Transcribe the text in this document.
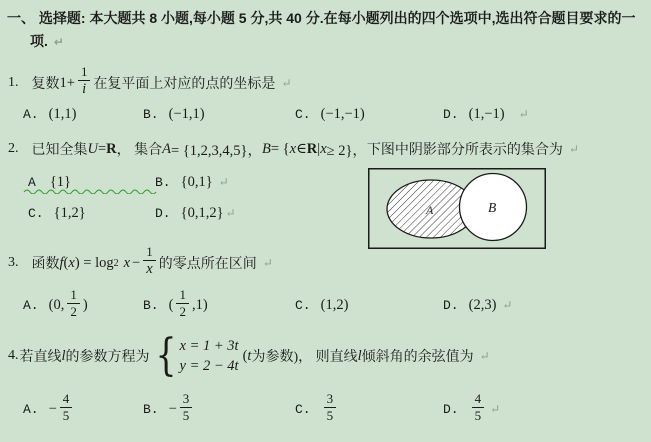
一、 选择题: 本大题共 8 小题,每小题 5 分,共 40 分.在每小题列出的四个选项中,选出符合题目要求的一
项. ↵
1. 复数 $1+ \frac{1}{i}$ 在复平面上对应的点的坐标是 ↵
A. (1,1)	B. (−1,1)	C. (−1,−1)	D. (1,−1) ↵
2. 已知全集 U = R ， 集合 A = {1,2,3,4,5}， B = { x ∈ R | x ≥ 2}， 下图中阴影部分所表示的集合为 ↵
A {1}	B. {0,1} ↵
C. {1,2}	D. {0,1,2} ↵	B
3. 函数 f ( x ) = log 2 $x - \frac{1}{x}$ 的零点所在区间 ↵
A. (0, $\frac{1}{2}$ )	B. ( $\frac{1}{2} ,1$)	C. (1,2)	D. (2,3) ↵
4. 若直线 l 的参数方程为 { x = 1 + 3t
y = 2 − 4t
( t 为参数)， 则直线 l 倾斜角的余弦值为 ↵
A. − $\frac{4}{5}$	B. − $\frac{3}{5}$	C. $\frac{3}{5}$	D. $\frac{4}{5}$ ↵
